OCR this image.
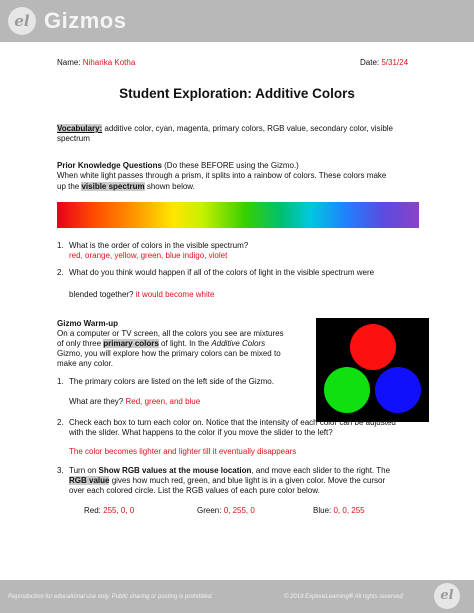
el Gizmos
Name: Niharika Kotha	Date: 5/31/24
Student Exploration: Additive Colors
Vocabulary: additive color, cyan, magenta, primary colors, RGB value, secondary color, visible
spectrum
Prior Knowledge Questions (Do these BEFORE using the Gizmo.)
When white light passes through a prism, it splits into a rainbow of colors. These colors make
up the visible spectrum shown below.
1. What is the order of colors in the visible spectrum?
red, orange, yellow, green, blue indigo, violet
2. What do you think would happen if all of the colors of light in the visible spectrum were
blended together? it would become white
Gizmo Warm-up
On a computer or TV screen, all the colors you see are mixtures
of only three primary colors of light. In the Additive Colors
Gizmo, you will explore how the primary colors can be mixed to
make any color.
1. The primary colors are listed on the left side of the Gizmo.
What are they? Red, green, and blue
2. Check each box to turn each color on. Notice that the intensity of each color can be adjusted
with the slider. What happens to the color if you move the slider to the left?
The color becomes lighter and lighter till it eventually disappears
3. Turn on Show RGB values at the mouse location, and move each slider to the right. The
RGB value gives how much red, green, and blue light is in a given color. Move the cursor
over each colored circle. List the RGB values of each pure color below.
Red: 255, 0, 0	Green: 0, 255, 0	Blue: 0, 0, 255
Reproduction for educational use only. Public sharing or posting is prohibited.	© 2019 ExploreLearning® All rights reserved	el
